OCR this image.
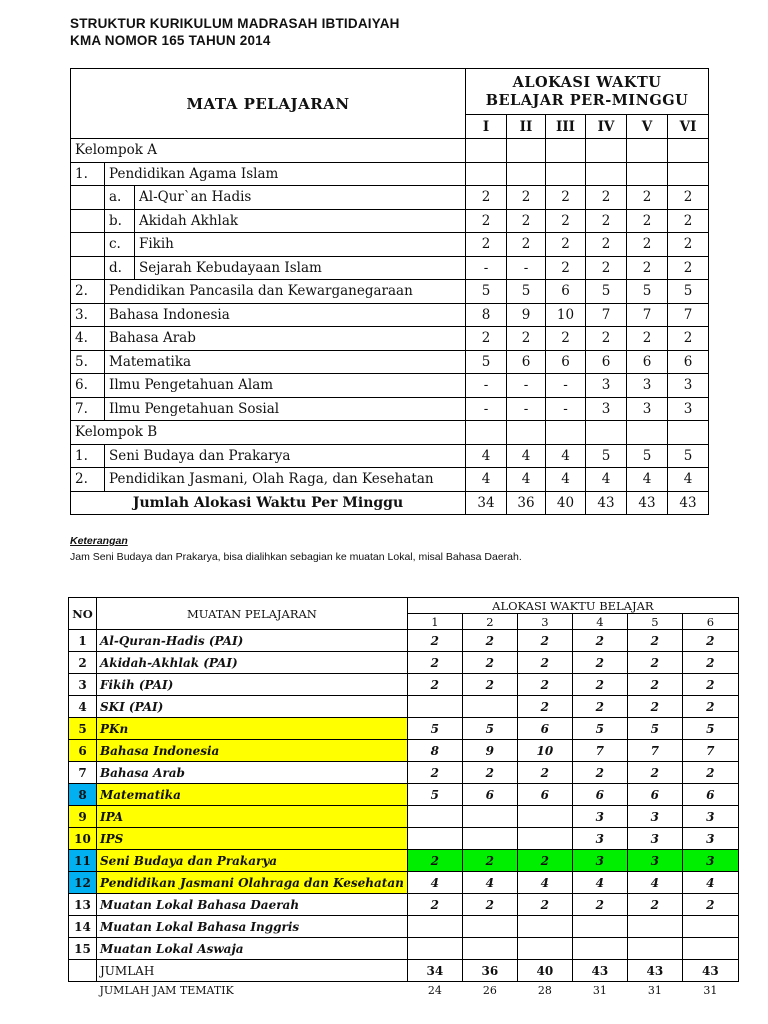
STRUKTUR KURIKULUM MADRASAH IBTIDAIYAH
KMA NOMOR 165 TAHUN 2014
MATA PELAJARAN			ALOKASI WAKTU
BELAJAR PER-MINGGU					

			I	II	III	IV	V	VI
Kelompok A								
1.	Pendidikan Agama Islam							
	a.	Al-Qur`an Hadis	2	2	2	2	2	2
	b.	Akidah Akhlak	2	2	2	2	2	2
	c.	Fikih	2	2	2	2	2	2
	d.	Sejarah Kebudayaan Islam	-	-	2	2	2	2
2.	Pendidikan Pancasila dan Kewarganegaraan		5	5	6	5	5	5
3.	Bahasa Indonesia		8	9	10	7	7	7
4.	Bahasa Arab		2	2	2	2	2	2
5.	Matematika		5	6	6	6	6	6
6.	Ilmu Pengetahuan Alam		-	-	-	3	3	3
7.	Ilmu Pengetahuan Sosial		-	-	-	3	3	3
Kelompok B								
1.	Seni Budaya dan Prakarya		4	4	4	5	5	5
2.	Pendidikan Jasmani, Olah Raga, dan Kesehatan		4	4	4	4	4	4
Jumlah Alokasi Waktu Per Minggu			34	36	40	43	43	43
Keterangan
Jam Seni Budaya dan Prakarya, bisa dialihkan sebagian ke muatan Lokal, misal Bahasa Daerah.
NO	MUATAN PELAJARAN	ALOKASI WAKTU BELAJAR					
		1	2	3	4	5	6
1	Al-Quran-Hadis (PAI)	2	2	2	2	2	2
2	Akidah-Akhlak (PAI)	2	2	2	2	2	2
3	Fikih (PAI)	2	2	2	2	2	2
4	SKI (PAI)			2	2	2	2
5	PKn	5	5	6	5	5	5
6	Bahasa Indonesia	8	9	10	7	7	7
7	Bahasa Arab	2	2	2	2	2	2
8	Matematika	5	6	6	6	6	6
9	IPA				3	3	3
10	IPS				3	3	3
11	Seni Budaya dan Prakarya	2	2	2	3	3	3
12	Pendidikan Jasmani Olahraga dan Kesehatan	4	4	4	4	4	4
13	Muatan Lokal Bahasa Daerah	2	2	2	2	2	2
14	Muatan Lokal Bahasa Inggris						
15	Muatan Lokal Aswaja						
	JUMLAH	34	36	40	43	43	43
	JUMLAH JAM TEMATIK	24	26	28	31	31	31
